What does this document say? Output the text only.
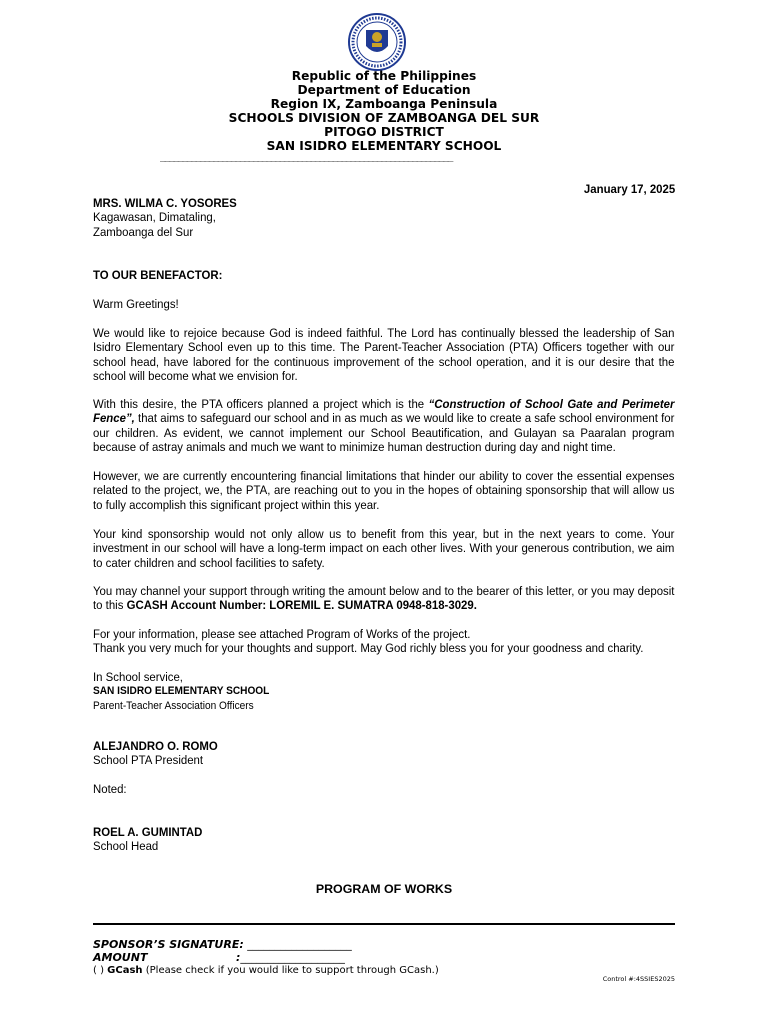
Republic of the Philippines
Department of Education
Region IX, Zamboanga Peninsula
SCHOOLS DIVISION OF ZAMBOANGA DEL SUR
PITOGO DISTRICT
SAN ISIDRO ELEMENTARY SCHOOL
__________________________________________________________________
January 17, 2025
MRS. WILMA C. YOSORES
Kagawasan, Dimataling,
Zamboanga del Sur
TO OUR BENEFACTOR:
Warm Greetings!
We would like to rejoice because God is indeed faithful. The Lord has continually blessed the leadership of San Isidro Elementary School even up to this time. The Parent-Teacher Association (PTA) Officers together with our school head, have labored for the continuous improvement of the school operation, and it is our desire that the school will become what we envision for.
With this desire, the PTA officers planned a project which is the “Construction of School Gate and Perimeter Fence”, that aims to safeguard our school and in as much as we would like to create a safe school environment for our children. As evident, we cannot implement our School Beautification, and Gulayan sa Paaralan program because of astray animals and much we want to minimize human destruction during day and night time.
However, we are currently encountering financial limitations that hinder our ability to cover the essential expenses related to the project, we, the PTA, are reaching out to you in the hopes of obtaining sponsorship that will allow us to fully accomplish this significant project within this year.
Your kind sponsorship would not only allow us to benefit from this year, but in the next years to come. Your investment in our school will have a long-term impact on each other lives. With your generous contribution, we aim to cater children and school facilities to safety.
You may channel your support through writing the amount below and to the bearer of this letter, or you may deposit to this GCASH Account Number: LOREMIL E. SUMATRA 0948-818-3029.
For your information, please see attached Program of Works of the project.
Thank you very much for your thoughts and support. May God richly bless you for your goodness and charity.
In School service,
SAN ISIDRO ELEMENTARY SCHOOL
Parent-Teacher Association Officers
ALEJANDRO O. ROMO
School PTA President
Noted:
ROEL A. GUMINTAD
School Head
PROGRAM OF WORKS
SPONSOR’S SIGNATURE: ___________________
AMOUNT	:___________________
( ) GCash (Please check if you would like to support through GCash.)
Control #:4SSIES2025
